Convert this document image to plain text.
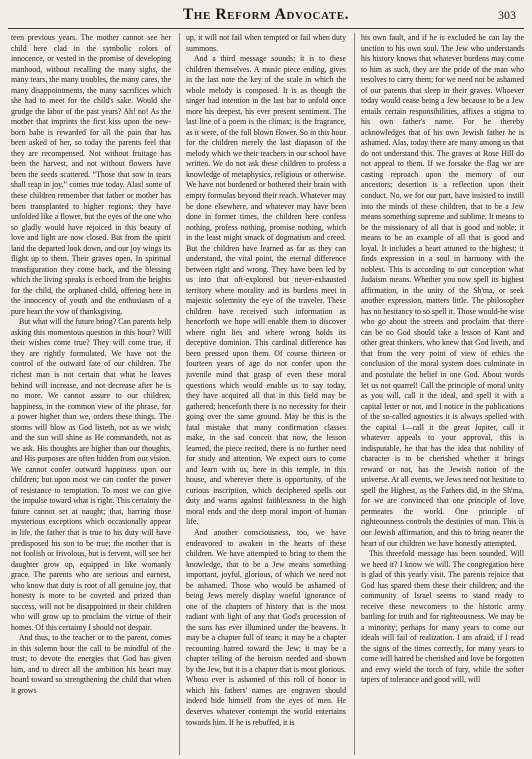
The Reform Advocate.	303

teen previous years. The mother cannot see her child here clad in the symbolic colors of innocence, or vested in the promise of developing manhood, without recalling the many sighs, the many tears, the many troubles, the many cares, the many disappointments, the many sacrifices which she had to meet for the child's sake. Would she grudge the labor of the past years? Ah! no! As the mother that imprints the first kiss upon the new-born babe is rewarded for all the pain that has been asked of her, so today the parents feel that they are recompensed. Not without fruitage has been the harvest, and not without flowers have been the seeds scattered. “Those that sow in tears shall reap in joy,” comes true today. Alas! some of these children remember that father or mother has been transplanted to higher regions; they have unfolded like a flower, but the eyes of the one who so gladly would have rejoiced in this beauty of love and light are now closed. But from the spirit land the departed look down, and our joy wings its flight up to them. Their graves open. In spiritual transfiguration they come back, and the blessing which the living speaks is echoed from the heights for the child, the orphaned child, offering here in the innocency of youth and the enthusiasm of a pure heart the vow of thanksgiving.

But what will the future bring? Can parents help asking this momentous question in this hour? Will their wishes come true? They will come true, if they are rightly formulated. We have not the control of the outward fate of our children. The richest man is not certain that what he leaves behind will increase, and not decrease after he is no more. We cannot assure to our children, happiness, in the common view of the phrase, for a power higher than we, orders these things. The storms will blow as God listeth, not as we wish; and the sun will shine as He commandeth, not as we ask. His thoughts are higher than our thoughts, and His purposes are often hidden from our vision. We cannot confer outward happiness upon our children; but upon most we can confer the power of resistance to temptation. To most we can give the impulse toward what is right. This certainty the future cannot set at naught; that, barring those mysterious exceptions which occasionally appear in life, the father that is true to his duty will have predisposed his son to be true; the mother that is not foolish or frivolous, but is fervent, will see her daughter grow up, equipped in like womanly grace. The parents who are serious and earnest, who know that duty is root of all genuine joy, that honesty is more to be coveted and prized than success, will not be disappointed in their children who will grow up to proclaim the virtue of their homes. Of this certainty I should not despair.

And thus, to the teacher or to the parent, comes in this solemn hour the call to be mindful of the trust; to devote the energies that God has given him, and to direct all the ambition his heart may hoard toward so strengthening the child that when it grows

up, it will not fail when tempted or fail when duty summons.

And a third message sounds; it is to these children themselves. A music piece ending, gives in the last note the key of the scale in which the whole melody is composed. It is as though the singer had intention in the last bar to unfold once more his deepest, his ever present sentiment. The last line of a poem is the climax; is the fragrance, as it were, of the full blown flower. So in this hour for the children merely the last diapason of the melody which we their teachers in our school have written. We do not ask these children to profess a knowledge of metaphysics, religious or otherwise. We have not burdened or bothered their brain with empty formulas beyond their reach. Whatever may be done elsewhere, and whatever may have been done in former times, the children here confess nothing, profess nothing, promise nothing, which in the least might smack of dogmatism and creed. But the children have learned as far as they can understand, the vital point, the eternal difference between right and wrong. They have been led by us into that oft-explored but never-exhausted territory where morality and its burdens meet in majestic solemnity the eye of the traveler. These children have received such information as henceforth we hope will enable them to discover where right lies and where wrong holds its deceptive dominion. This cardinal difference has been pressed upon them. Of course thirteen or fourteen years of age do not confer upon the juvenile mind that grasp of even these moral questions which would enable us to say today, they have acquired all that in this field may be gathered; henceforth there is no necessity for their going over the same ground. May be this is the fatal mistake that many confirmation classes make, in the sad conceit that now, the lesson learned, the piece recited, there is no further need for study and attention. We expect ours to come and learn with us, here in this temple, in this house, and wherever there is opportunity, of the curious inscription, which deciphered spells out duty and warns against faithlessness in the high moral ends and the deep moral import of human life.

And another consciousness, too, we have endeavored to awaken in the hearts of these children. We have attempted to bring to them the knowledge, that to be a Jew means something important, joyful, glorious, of which we need not be ashamed. Those who would be ashamed of being Jews merely display woeful ignorance of one of the chapters of history that is the most radiant with light of any that God's procession of the suns has ever illumined under the heavens. It may be a chapter full of tears; it may be a chapter recounting hatred toward the Jew; it may be a chapter telling of the heroism needed and shown by the Jew, but it is a chapter that is most glorious. Whoso ever is ashamed of this roll of honor in which his fathers' names are engraven should indeed hide himself from the eyes of men. He deserves whatever contempt the world entertains towards him. If he is rebuffed, it is

his own fault, and if he is excluded he can lay the unction to his own soul. The Jew who understands his history knows that whatever burdens may come to him as such, they are the pride of the man who resolves to carry them; for we need not be ashamed of our parents that sleep in their graves. Whoever today would cease being a Jew because to be a Jew entails certain responsibilities, affixes a stigma to his own father's name. For he thereby acknowledges that of his own Jewish father he is ashamed. Alas, today there are many among us that do not understand this. The graves at Rose Hill do not appeal to them. If we forsake the flag we are casting reproach upon the memory of our ancestors; desertion is a reflection upon their conduct. No, we for our part, have insisted to instill into the minds of these children, that to be a Jew means something supreme and sublime. It means to be the missionary of all that is good and noble; it means to be an example of all that is good and loyal. It includes a heart attuned to the highest; it finds expression in a soul in harmony with the noblest. This is according to our conception what Judaism means. Whether you now spell its highest affirmation, in the unity of the Sh'ma, or seek another expression, matters little. The philosopher has no hesitancy to so spell it. Those would-be wise who go about the streets and proclaim that there can be no God should take a lesson of Kant and other great thinkers, who knew that God liveth, and that from the very point of view of ethics the conclusion of the moral system does culminate in and postulate the belief in one God. About words let us not quarrel! Call the principle of moral unity as you will, call it the ideal, and spell it with a capital letter or not, and I notice in the publications of the so-called agnostics it is always spelled with the capital I—call it the great Jupiter, call it whatever appeals to your approval, this is indisputable, he that has the idea that nobility of character is to be cherished whether it brings reward or not, has the Jewish notion of the universe. At all events, we Jews need not hesitate to spell the Highest, as the Fathers did, in the Sh'ma, for we are convinced that one principle of love permeates the world. One principle of righteousness controls the destinies of man. This is our Jewish affirmation, and this to bring nearer the heart of our children we have honestly attempted.

This threefold message has been sounded. Will we heed it? I know we will. The congregation here is glad of this yearly visit. The parents rejoice that God has spared them these their children; and the community of Israel seems to stand ready to receive these newcomers to the historic army battling for truth and for righteousness. We may be a minority; perhaps for many years to come our ideals will fail of realization. I am afraid, if I read the signs of the times correctly, for many years to come will hatred be cherished and love be forgotten and envy wield the torch of fury, while the softer tapers of tolerance and good will, will
